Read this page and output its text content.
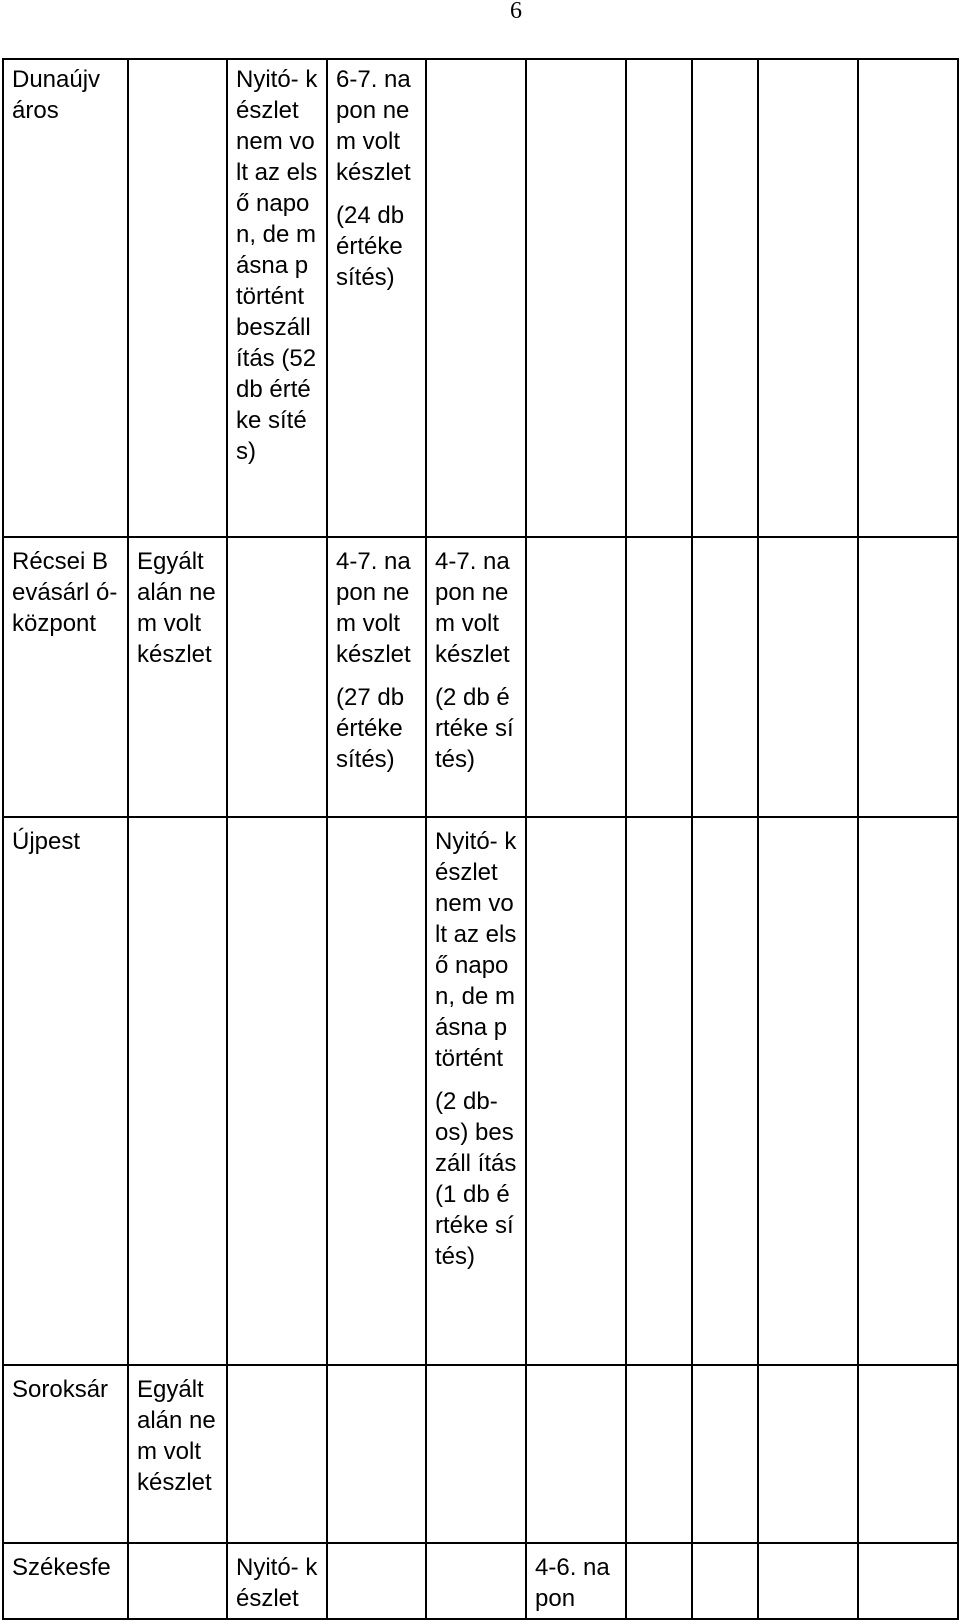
6
Dunaújv áros		Nyitó- készlet nem volt az első napon, de másna p történt beszáll ítás (52 db értéke sítés)	6-7. napon nem volt készlet
(24 db értéke sítés)						

Récsei Bevásárl ó- központ	Egyált alán nem volt készlet		4-7. napon nem volt készlet
(27 db értéke sítés)	4-7. napon nem volt készlet
(2 db értéke sítés)					

Újpest				Nyitó- készlet nem volt az első napon, de másna p történt
(2 db- os) beszáll ítás (1 db értéke sítés)					

Soroksár	Egyált alán nem volt készlet		

Székesfe		Nyitó- készlet			4-6. napon				
